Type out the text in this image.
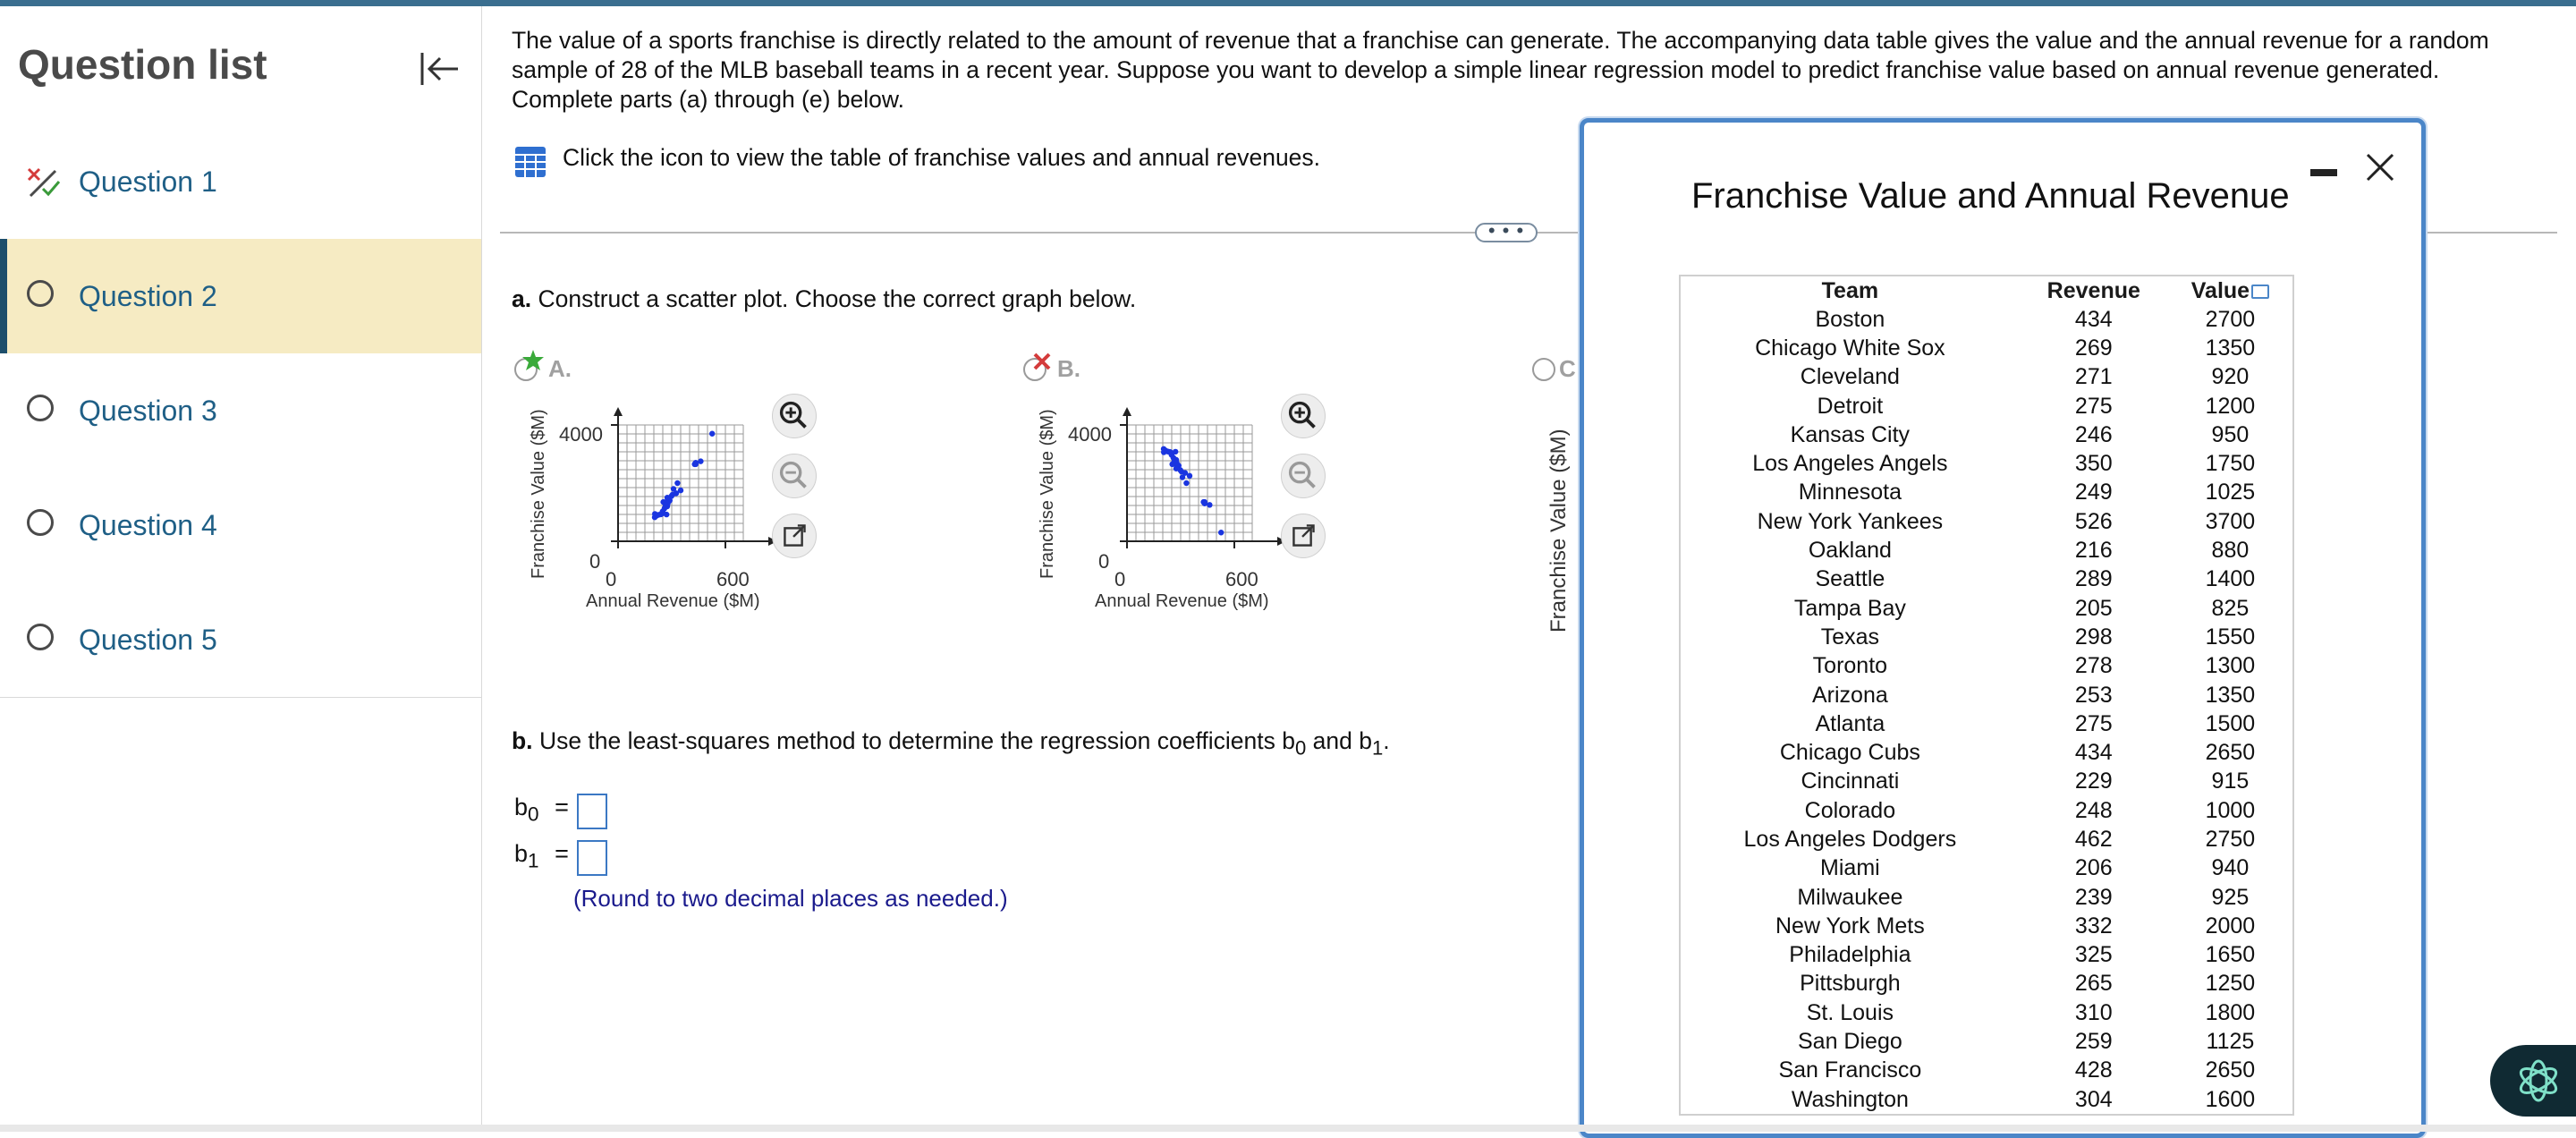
Question list
Question 1
Question 2
Question 3
Question 4
Question 5
The value of a sports franchise is directly related to the amount of revenue that a franchise can generate. The accompanying data table gives the value and the annual revenue for a random sample of 28 of the MLB baseball teams in a recent year. Suppose you want to develop a simple linear regression model to predict franchise value based on annual revenue generated. Complete parts (a) through (e) below.
Click the icon to view the table of franchise values and annual revenues.
• • •
a. Construct a scatter plot. Choose the correct graph below.
A.
Franchise Value ($M) 4000
0
0	600
Annual Revenue ($M)
B.
Franchise Value ($M) 4000
0
0	600
Annual Revenue ($M)
C
Franchise Value ($M)
b. Use the least-squares method to determine the regression coefficients $b_0$ and $b_1$.
$b_0$ =
$b_1$ =
(Round to two decimal places as needed.)
Franchise Value and Annual Revenue
Team	Revenue	Value
Boston	434	2700
Chicago White Sox	269	1350
Cleveland	271	920
Detroit	275	1200
Kansas City	246	950
Los Angeles Angels	350	1750
Minnesota	249	1025
New York Yankees	526	3700
Oakland	216	880
Seattle	289	1400
Tampa Bay	205	825
Texas	298	1550
Toronto	278	1300
Arizona	253	1350
Atlanta	275	1500
Chicago Cubs	434	2650
Cincinnati	229	915
Colorado	248	1000
Los Angeles Dodgers	462	2750
Miami	206	940
Milwaukee	239	925
New York Mets	332	2000
Philadelphia	325	1650
Pittsburgh	265	1250
St. Louis	310	1800
San Diego	259	1125
San Francisco	428	2650
Washington	304	1600
